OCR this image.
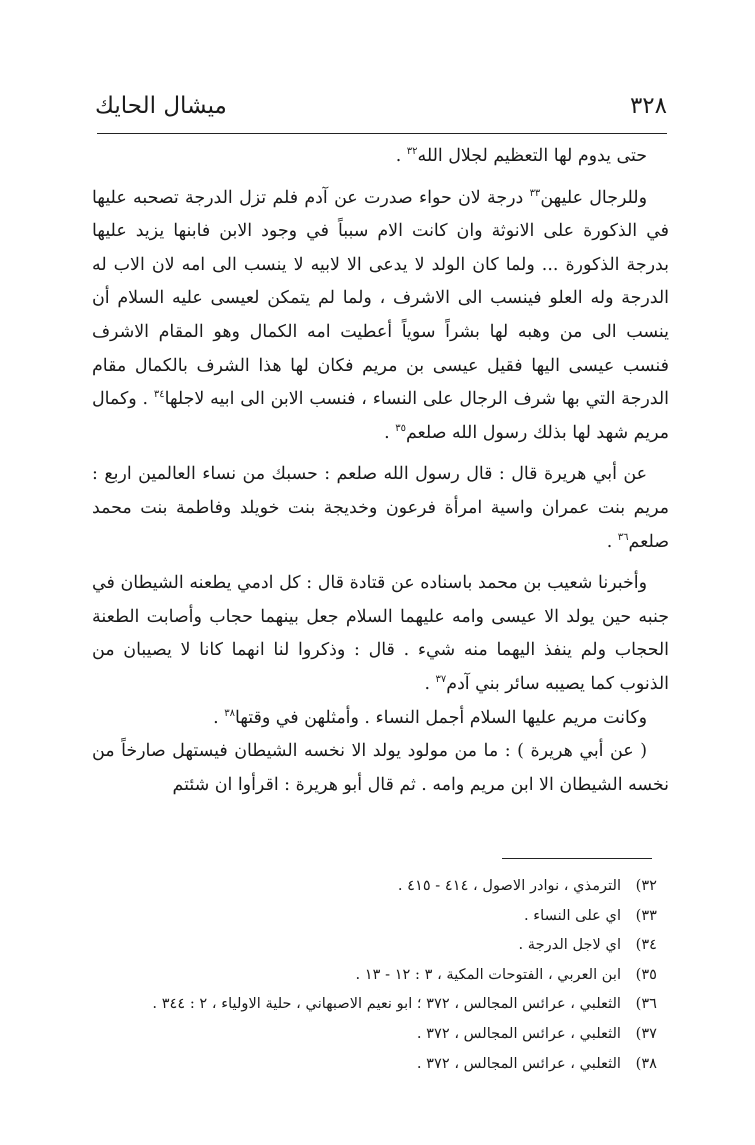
٣٢٨
ميشال الحايك

حتى يدوم لها التعظيم لجلال الله$^{٣٢}$ .

وللرجال عليهن$^{٣٣}$ درجة لان حواء صدرت عن آدم فلم تزل الدرجة تصحبه عليها في الذكورة على الانوثة وان كانت الام سبباً في وجود الابن فابنها يزيد عليها بدرجة الذكورة ... ولما كان الولد لا يدعى الا لابيه لا ينسب الى امه لان الاب له الدرجة وله العلو فينسب الى الاشرف ، ولما لم يتمكن لعيسى عليه السلام أن ينسب الى من وهبه لها بشراً سوياً أعطيت امه الكمال وهو المقام الاشرف فنسب عيسى اليها فقيل عيسى بن مريم فكان لها هذا الشرف بالكمال مقام الدرجة التي بها شرف الرجال على النساء ، فنسب الابن الى ابيه لاجلها$^{٣٤}$ . وكمال مريم شهد لها بذلك رسول الله صلعم$^{٣٥}$ .

عن أبي هريرة قال : قال رسول الله صلعم : حسبك من نساء العالمين اربع : مريم بنت عمران واسية امرأة فرعون وخديجة بنت خويلد وفاطمة بنت محمد صلعم$^{٣٦}$ .

وأخبرنا شعيب بن محمد باسناده عن قتادة قال : كل ادمي يطعنه الشيطان في جنبه حين يولد الا عيسى وامه عليهما السلام جعل بينهما حجاب وأصابت الطعنة الحجاب ولم ينفذ اليهما منه شيء . قال : وذكروا لنا انهما كانا لا يصيبان من الذنوب كما يصيبه سائر بني آدم$^{٣٧}$ .

وكانت مريم عليها السلام أجمل النساء . وأمثلهن في وقتها$^{٣٨}$ .

( عن أبي هريرة ) : ما من مولود يولد الا نخسه الشيطان فيستهل صارخاً من نخسه الشيطان الا ابن مريم وامه . ثم قال أبو هريرة : اقرأوا ان شئتم

٣٢)
الترمذي ، نوادر الاصول ، ٤١٤ - ٤١٥ .
٣٣)
اي على النساء .
٣٤)
اي لاجل الدرجة .
٣٥)
ابن العربي ، الفتوحات المكية ، ٣ : ١٢ - ١٣ .
٣٦)
الثعلبي ، عرائس المجالس ، ٣٧٢ ؛ ابو نعيم الاصبهاني ، حلية الاولياء ، ٢ : ٣٤٤ .
٣٧)
الثعلبي ، عرائس المجالس ، ٣٧٢ .
٣٨)
الثعلبي ، عرائس المجالس ، ٣٧٢ .
